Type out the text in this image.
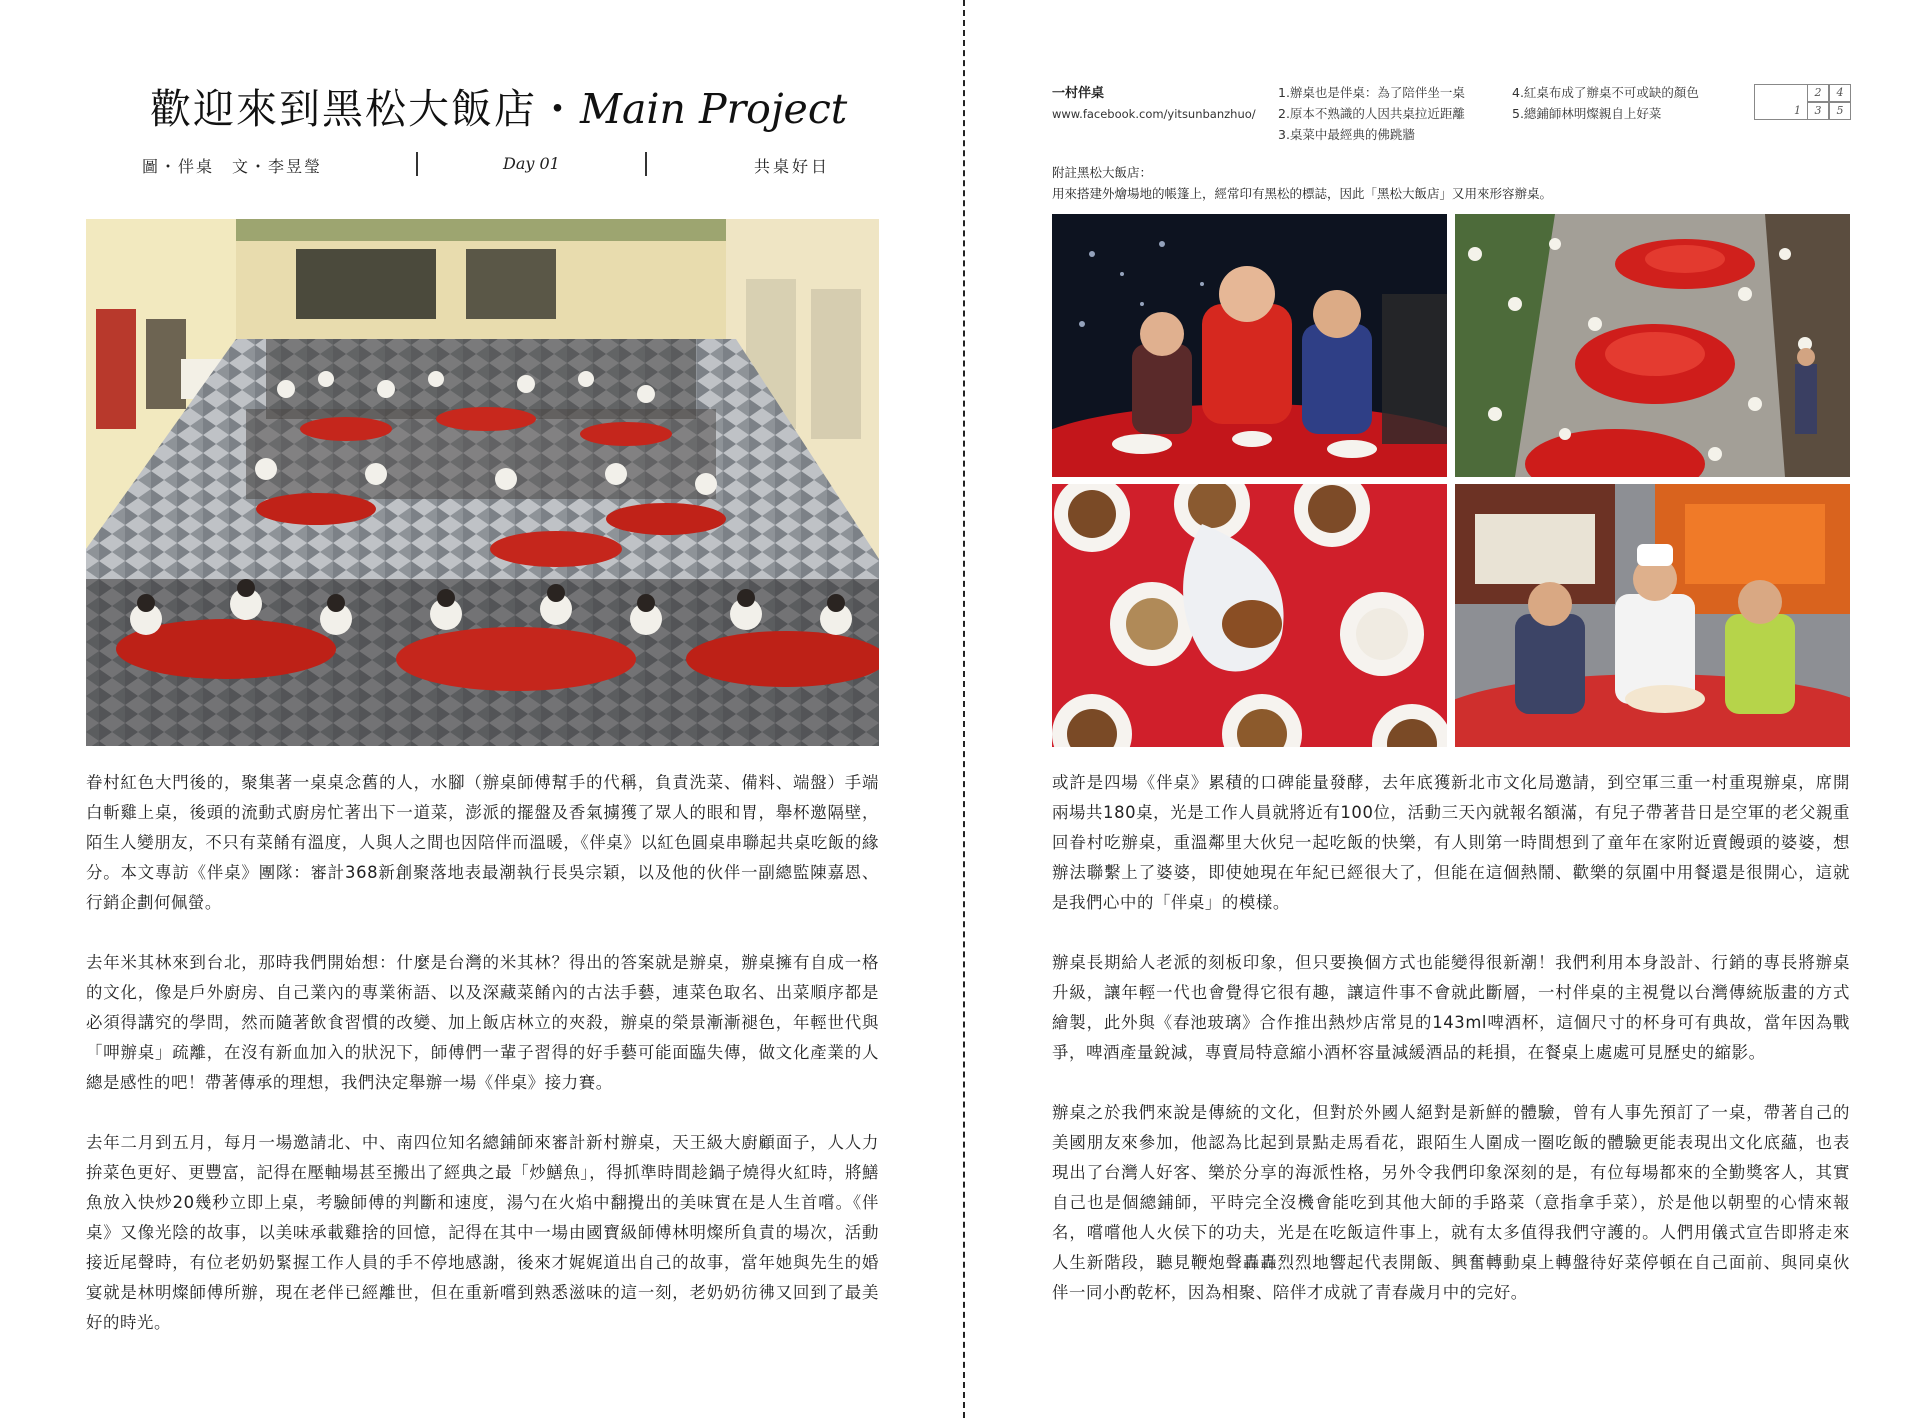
歡迎來到黑松大飯店・Main Project
圖・伴桌　文・李昱瑩	Day 01	共桌好日

眷村紅色大門後的，聚集著一桌桌念舊的人，水腳（辦桌師傅幫手的代稱，負責洗菜、備料、端盤）手端白斬雞上桌，後頭的流動式廚房忙著出下一道菜，澎派的擺盤及香氣擄獲了眾人的眼和胃，舉杯邀隔壁，陌生人變朋友，不只有菜餚有溫度，人與人之間也因陪伴而溫暖，《伴桌》以紅色圓桌串聯起共桌吃飯的緣分。本文專訪《伴桌》團隊：審計368新創聚落地表最潮執行長吳宗穎，以及他的伙伴一副總監陳嘉恩、行銷企劃何佩螢。

去年米其林來到台北，那時我們開始想：什麼是台灣的米其林？得出的答案就是辦桌，辦桌擁有自成一格的文化，像是戶外廚房、自己業內的專業術語、以及深藏菜餚內的古法手藝，連菜色取名、出菜順序都是必須得講究的學問，然而隨著飲食習慣的改變、加上飯店林立的夾殺，辦桌的榮景漸漸褪色，年輕世代與「呷辦桌」疏離，在沒有新血加入的狀況下，師傅們一輩子習得的好手藝可能面臨失傳，做文化產業的人總是感性的吧！帶著傳承的理想，我們決定舉辦一場《伴桌》接力賽。

去年二月到五月，每月一場邀請北、中、南四位知名總鋪師來審計新村辦桌，天王級大廚顧面子，人人力拚菜色更好、更豐富，記得在壓軸場甚至搬出了經典之最「炒鱔魚」，得抓準時間趁鍋子燒得火紅時，將鱔魚放入快炒20幾秒立即上桌，考驗師傅的判斷和速度，湯勺在火焰中翻攪出的美味實在是人生首嚐。《伴桌》又像光陰的故事，以美味承載雞捨的回憶，記得在其中一場由國寶級師傅林明燦所負責的場次，活動接近尾聲時，有位老奶奶緊握工作人員的手不停地感謝，後來才娓娓道出自己的故事，當年她與先生的婚宴就是林明燦師傅所辦，現在老伴已經離世，但在重新嚐到熟悉滋味的這一刻，老奶奶彷彿又回到了最美好的時光。

一村伴桌
www.facebook.com/yitsunbanzhuo/
1.辦桌也是伴桌：為了陪伴坐一桌
2.原本不熟識的人因共桌拉近距離
3.桌菜中最經典的佛跳牆
4.紅桌布成了辦桌不可或缺的顏色
5.總鋪師林明燦親自上好菜	1
2	4
3	5
附註黑松大飯店：
用來搭建外燴場地的帳篷上，經常印有黑松的標誌，因此「黑松大飯店」又用來形容辦桌。

或許是四場《伴桌》累積的口碑能量發酵，去年底獲新北市文化局邀請，到空軍三重一村重現辦桌，席開兩場共180桌，光是工作人員就將近有100位，活動三天內就報名額滿，有兒子帶著昔日是空軍的老父親重回眷村吃辦桌，重溫鄰里大伙兒一起吃飯的快樂，有人則第一時間想到了童年在家附近賣饅頭的婆婆，想辦法聯繫上了婆婆，即使她現在年紀已經很大了，但能在這個熱鬧、歡樂的氛圍中用餐還是很開心，這就是我們心中的「伴桌」的模樣。

辦桌長期給人老派的刻板印象，但只要換個方式也能變得很新潮！我們利用本身設計、行銷的專長將辦桌升級，讓年輕一代也會覺得它很有趣，讓這件事不會就此斷層，一村伴桌的主視覺以台灣傳統版畫的方式繪製，此外與《春池玻璃》合作推出熱炒店常見的143ml啤酒杯，這個尺寸的杯身可有典故，當年因為戰爭，啤酒產量銳減，專賣局特意縮小酒杯容量減緩酒品的耗損，在餐桌上處處可見歷史的縮影。

辦桌之於我們來說是傳統的文化，但對於外國人絕對是新鮮的體驗，曾有人事先預訂了一桌，帶著自己的美國朋友來參加，他認為比起到景點走馬看花，跟陌生人圍成一圈吃飯的體驗更能表現出文化底蘊，也表現出了台灣人好客、樂於分享的海派性格，另外令我們印象深刻的是，有位每場都來的全勤獎客人，其實自己也是個總鋪師，平時完全沒機會能吃到其他大師的手路菜（意指拿手菜），於是他以朝聖的心情來報名，嚐嚐他人火侯下的功夫，光是在吃飯這件事上，就有太多值得我們守護的。人們用儀式宣告即將走來人生新階段，聽見鞭炮聲轟轟烈烈地響起代表開飯、興奮轉動桌上轉盤待好菜停頓在自己面前、與同桌伙伴一同小酌乾杯，因為相聚、陪伴才成就了青春歲月中的完好。
